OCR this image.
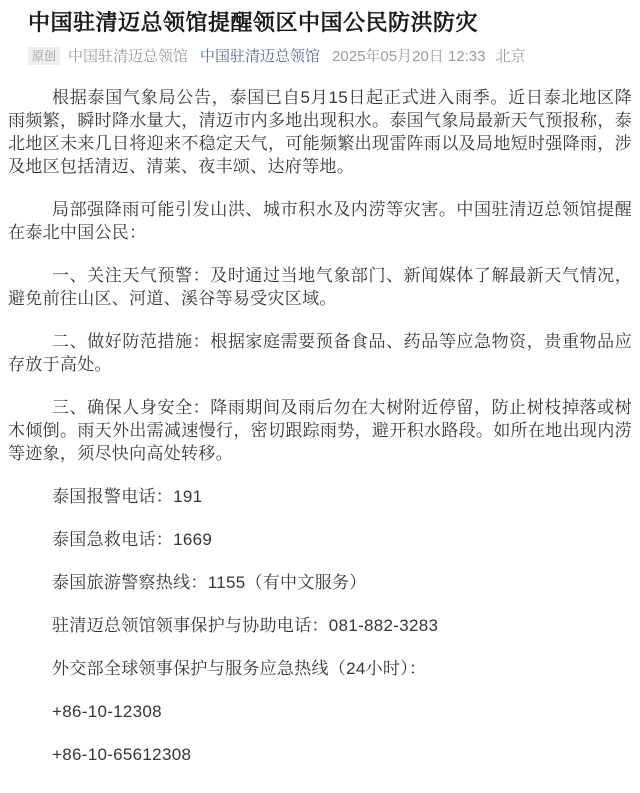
中国驻清迈总领馆提醒领区中国公民防洪防灾
原创 中国驻清迈总领馆 中国驻清迈总领馆 2025年05月20日 12:33 北京

根据泰国气象局公告，泰国已自5月15日起正式进入雨季。近日泰北地区降雨频繁，瞬时降水量大，清迈市内多地出现积水。泰国气象局最新天气预报称，泰北地区未来几日将迎来不稳定天气，可能频繁出现雷阵雨以及局地短时强降雨，涉及地区包括清迈、清莱、夜丰颂、达府等地。

局部强降雨可能引发山洪、城市积水及内涝等灾害。中国驻清迈总领馆提醒在泰北中国公民：

一、关注天气预警：及时通过当地气象部门、新闻媒体了解最新天气情况，避免前往山区、河道、溪谷等易受灾区域。

二、做好防范措施：根据家庭需要预备食品、药品等应急物资，贵重物品应存放于高处。

三、确保人身安全：降雨期间及雨后勿在大树附近停留，防止树枝掉落或树木倾倒。雨天外出需减速慢行，密切跟踪雨势，避开积水路段。如所在地出现内涝等迹象，须尽快向高处转移。

泰国报警电话：191

泰国急救电话：1669

泰国旅游警察热线：1155（有中文服务）

驻清迈总领馆领事保护与协助电话：081-882-3283

外交部全球领事保护与服务应急热线（24小时）：

+86-10-12308

+86-10-65612308
